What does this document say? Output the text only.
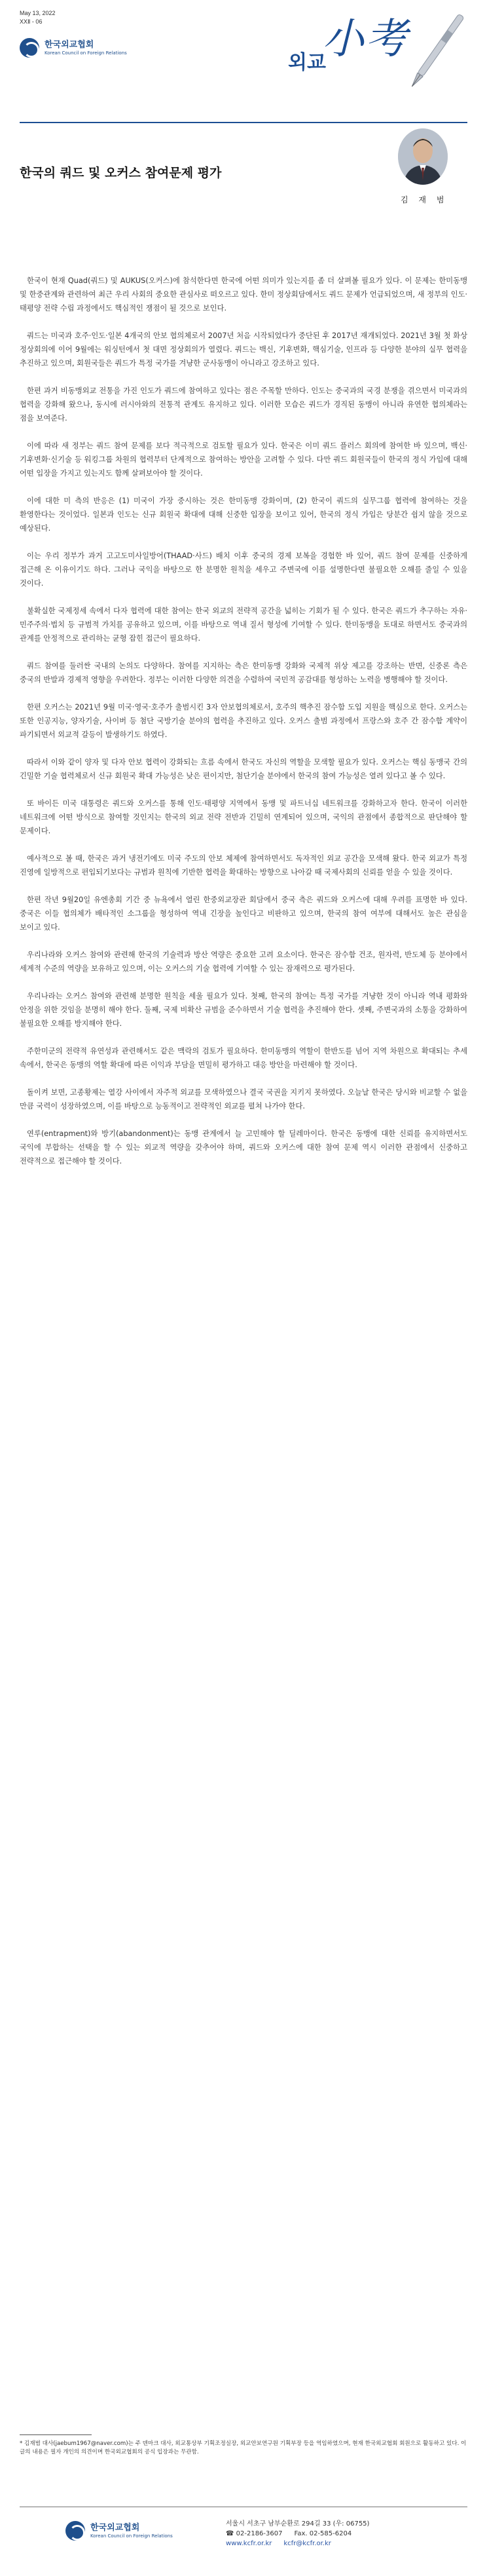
May 13, 2022
XXⅡ - 06
한국외교협회
Korean Council on Foreign Relations	외교
小考
한국의 쿼드 및 오커스 참여문제 평가
김 재 범

한국이 현재 Quad(쿼드) 및 AUKUS(오커스)에 참석한다면 한국에 어떤 의미가 있는지를 좀 더 살펴볼 필요가 있다. 이 문제는 한미동맹 및 한중관계와 관련하여 최근 우리 사회의 중요한 관심사로 떠오르고 있다. 한미 정상회담에서도 쿼드 문제가 언급되었으며, 새 정부의 인도·태평양 전략 수립 과정에서도 핵심적인 쟁점이 될 것으로 보인다.

쿼드는 미국과 호주·인도·일본 4개국의 안보 협의체로서 2007년 처음 시작되었다가 중단된 후 2017년 재개되었다. 2021년 3월 첫 화상 정상회의에 이어 9월에는 워싱턴에서 첫 대면 정상회의가 열렸다. 쿼드는 백신, 기후변화, 핵심기술, 인프라 등 다양한 분야의 실무 협력을 추진하고 있으며, 회원국들은 쿼드가 특정 국가를 겨냥한 군사동맹이 아니라고 강조하고 있다.

한편 과거 비동맹외교 전통을 가진 인도가 쿼드에 참여하고 있다는 점은 주목할 만하다. 인도는 중국과의 국경 분쟁을 겪으면서 미국과의 협력을 강화해 왔으나, 동시에 러시아와의 전통적 관계도 유지하고 있다. 이러한 모습은 쿼드가 경직된 동맹이 아니라 유연한 협의체라는 점을 보여준다.

이에 따라 새 정부는 쿼드 참여 문제를 보다 적극적으로 검토할 필요가 있다. 한국은 이미 쿼드 플러스 회의에 참여한 바 있으며, 백신·기후변화·신기술 등 워킹그룹 차원의 협력부터 단계적으로 참여하는 방안을 고려할 수 있다. 다만 쿼드 회원국들이 한국의 정식 가입에 대해 어떤 입장을 가지고 있는지도 함께 살펴보아야 할 것이다.

이에 대한 미 측의 반응은 (1) 미국이 가장 중시하는 것은 한미동맹 강화이며, (2) 한국이 쿼드의 실무그룹 협력에 참여하는 것을 환영한다는 것이었다. 일본과 인도는 신규 회원국 확대에 대해 신중한 입장을 보이고 있어, 한국의 정식 가입은 당분간 쉽지 않을 것으로 예상된다.

이는 우리 정부가 과거 고고도미사일방어(THAAD·사드) 배치 이후 중국의 경제 보복을 경험한 바 있어, 쿼드 참여 문제를 신중하게 접근해 온 이유이기도 하다. 그러나 국익을 바탕으로 한 분명한 원칙을 세우고 주변국에 이를 설명한다면 불필요한 오해를 줄일 수 있을 것이다.

불확실한 국제정세 속에서 다자 협력에 대한 참여는 한국 외교의 전략적 공간을 넓히는 기회가 될 수 있다. 한국은 쿼드가 추구하는 자유·민주주의·법치 등 규범적 가치를 공유하고 있으며, 이를 바탕으로 역내 질서 형성에 기여할 수 있다. 한미동맹을 토대로 하면서도 중국과의 관계를 안정적으로 관리하는 균형 잡힌 접근이 필요하다.

쿼드 참여를 둘러싼 국내의 논의도 다양하다. 참여를 지지하는 측은 한미동맹 강화와 국제적 위상 제고를 강조하는 반면, 신중론 측은 중국의 반발과 경제적 영향을 우려한다. 정부는 이러한 다양한 의견을 수렴하여 국민적 공감대를 형성하는 노력을 병행해야 할 것이다.

한편 오커스는 2021년 9월 미국·영국·호주가 출범시킨 3자 안보협의체로서, 호주의 핵추진 잠수함 도입 지원을 핵심으로 한다. 오커스는 또한 인공지능, 양자기술, 사이버 등 첨단 국방기술 분야의 협력을 추진하고 있다. 오커스 출범 과정에서 프랑스와 호주 간 잠수함 계약이 파기되면서 외교적 갈등이 발생하기도 하였다.

따라서 이와 같이 양자 및 다자 안보 협력이 강화되는 흐름 속에서 한국도 자신의 역할을 모색할 필요가 있다. 오커스는 핵심 동맹국 간의 긴밀한 기술 협력체로서 신규 회원국 확대 가능성은 낮은 편이지만, 첨단기술 분야에서 한국의 참여 가능성은 열려 있다고 볼 수 있다.

또 바이든 미국 대통령은 쿼드와 오커스를 통해 인도·태평양 지역에서 동맹 및 파트너십 네트워크를 강화하고자 한다. 한국이 이러한 네트워크에 어떤 방식으로 참여할 것인지는 한국의 외교 전략 전반과 긴밀히 연계되어 있으며, 국익의 관점에서 종합적으로 판단해야 할 문제이다.

예사적으로 볼 때, 한국은 과거 냉전기에도 미국 주도의 안보 체제에 참여하면서도 독자적인 외교 공간을 모색해 왔다. 한국 외교가 특정 진영에 일방적으로 편입되기보다는 규범과 원칙에 기반한 협력을 확대하는 방향으로 나아갈 때 국제사회의 신뢰를 얻을 수 있을 것이다.

한편 작년 9월20일 유엔총회 기간 중 뉴욕에서 열린 한중외교장관 회담에서 중국 측은 쿼드와 오커스에 대해 우려를 표명한 바 있다. 중국은 이들 협의체가 배타적인 소그룹을 형성하여 역내 긴장을 높인다고 비판하고 있으며, 한국의 참여 여부에 대해서도 높은 관심을 보이고 있다.

우리나라와 오커스 참여와 관련해 한국의 기술력과 방산 역량은 중요한 고려 요소이다. 한국은 잠수함 건조, 원자력, 반도체 등 분야에서 세계적 수준의 역량을 보유하고 있으며, 이는 오커스의 기술 협력에 기여할 수 있는 잠재력으로 평가된다.

우리나라는 오커스 참여와 관련해 분명한 원칙을 세울 필요가 있다. 첫째, 한국의 참여는 특정 국가를 겨냥한 것이 아니라 역내 평화와 안정을 위한 것임을 분명히 해야 한다. 둘째, 국제 비확산 규범을 준수하면서 기술 협력을 추진해야 한다. 셋째, 주변국과의 소통을 강화하여 불필요한 오해를 방지해야 한다.

주한미군의 전략적 유연성과 관련해서도 같은 맥락의 검토가 필요하다. 한미동맹의 역할이 한반도를 넘어 지역 차원으로 확대되는 추세 속에서, 한국은 동맹의 역할 확대에 따른 이익과 부담을 면밀히 평가하고 대응 방안을 마련해야 할 것이다.

돌이켜 보면, 고종황제는 열강 사이에서 자주적 외교를 모색하였으나 결국 국권을 지키지 못하였다. 오늘날 한국은 당시와 비교할 수 없을 만큼 국력이 성장하였으며, 이를 바탕으로 능동적이고 전략적인 외교를 펼쳐 나가야 한다.

연루(entrapment)와 방기(abandonment)는 동맹 관계에서 늘 고민해야 할 딜레마이다. 한국은 동맹에 대한 신뢰를 유지하면서도 국익에 부합하는 선택을 할 수 있는 외교적 역량을 갖추어야 하며, 쿼드와 오커스에 대한 참여 문제 역시 이러한 관점에서 신중하고 전략적으로 접근해야 할 것이다.

* 김재범 대사(jaebum1967@naver.com)는 주 덴마크 대사, 외교통상부 기획조정실장, 외교안보연구원 기획부장 등을 역임하였으며, 현재 한국외교협회 회원으로 활동하고 있다. 이 글의 내용은 필자 개인의 의견이며 한국외교협회의 공식 입장과는 무관함.
한국외교협회
Korean Council on Foreign Relations
서울시 서초구 남부순환로 294길 33 (우: 06755)
☎ 02-2186-3607 Fax. 02-585-6204
www.kcfr.or.kr kcfr@kcfr.or.kr
